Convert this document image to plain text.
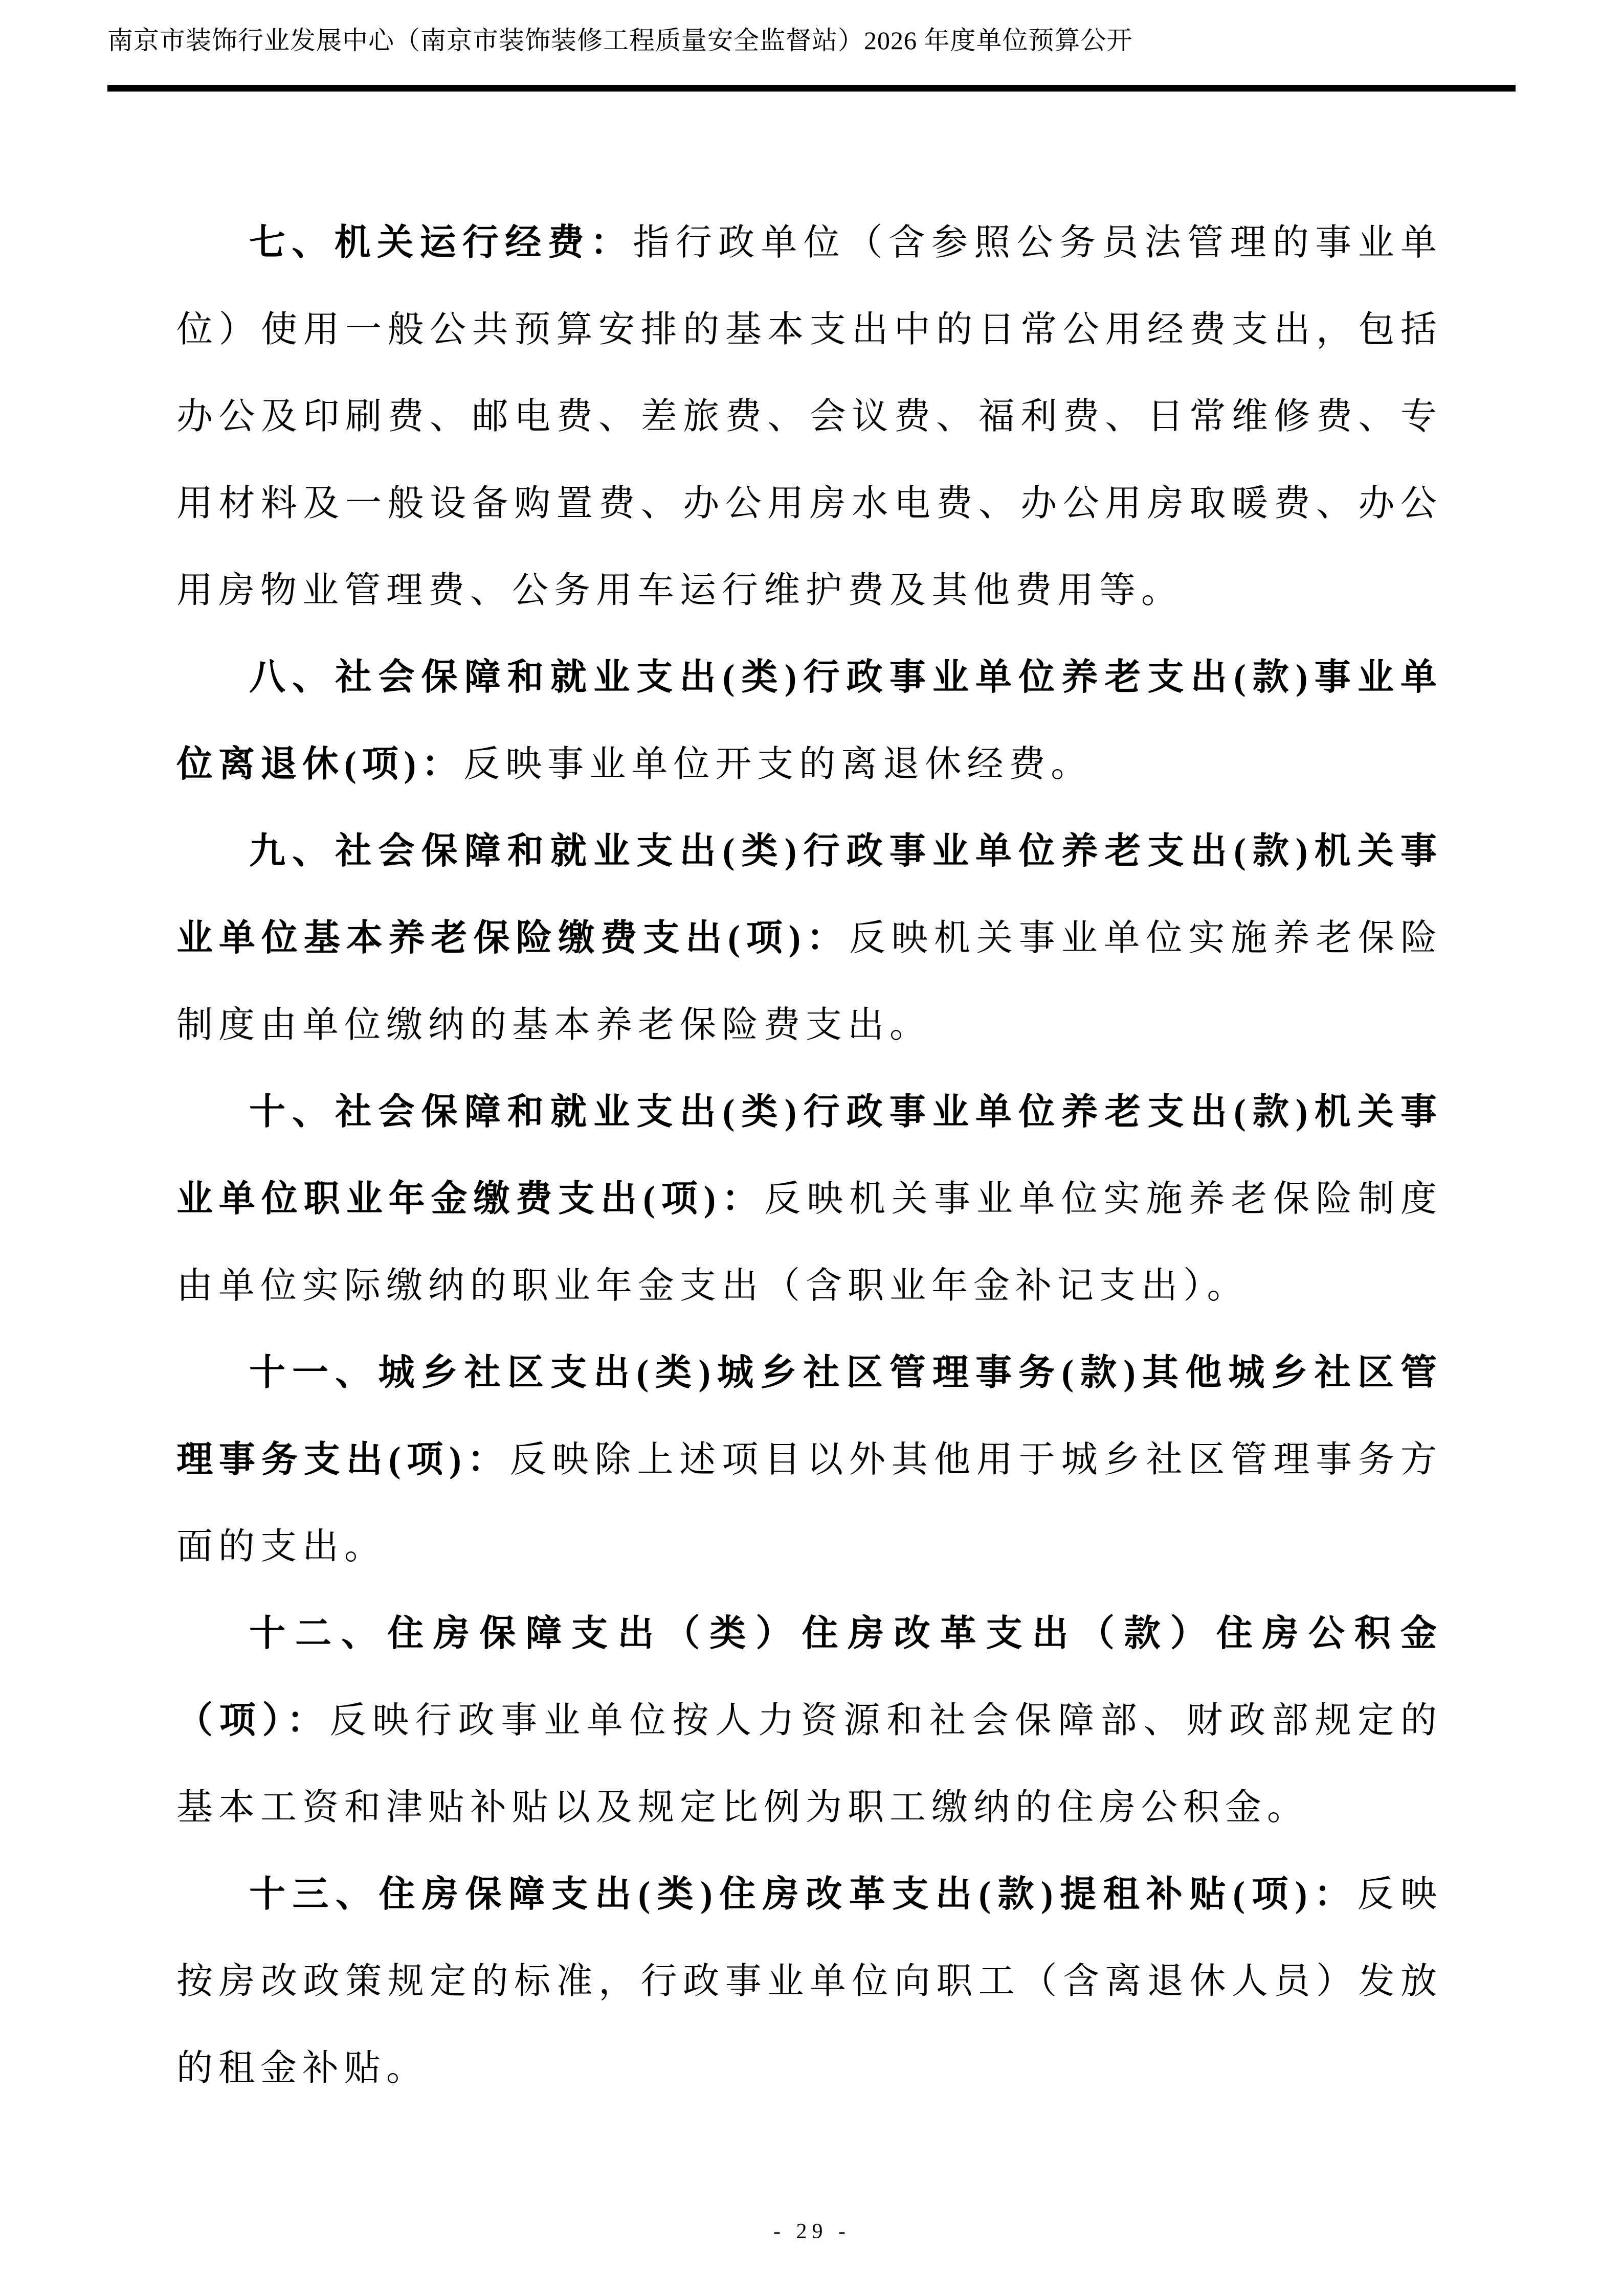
南京市装饰行业发展中心（南京市装饰装修工程质量安全监督站）2026 年度单位预算公开

七、机关运行经费：指行政单位（含参照公务员法管理的事业单位）使用一般公共预算安排的基本支出中的日常公用经费支出，包括办公及印刷费、邮电费、差旅费、会议费、福利费、日常维修费、专用材料及一般设备购置费、办公用房水电费、办公用房取暖费、办公用房物业管理费、公务用车运行维护费及其他费用等。

八、社会保障和就业支出(类)行政事业单位养老支出(款)事业单位离退休(项)：反映事业单位开支的离退休经费。

九、社会保障和就业支出(类)行政事业单位养老支出(款)机关事业单位基本养老保险缴费支出(项)：反映机关事业单位实施养老保险制度由单位缴纳的基本养老保险费支出。

十、社会保障和就业支出(类)行政事业单位养老支出(款)机关事业单位职业年金缴费支出(项)：反映机关事业单位实施养老保险制度由单位实际缴纳的职业年金支出（含职业年金补记支出）。

十一、城乡社区支出(类)城乡社区管理事务(款)其他城乡社区管理事务支出(项)：反映除上述项目以外其他用于城乡社区管理事务方面的支出。

十二、住房保障支出（类）住房改革支出（款）住房公积金（项）：反映行政事业单位按人力资源和社会保障部、财政部规定的基本工资和津贴补贴以及规定比例为职工缴纳的住房公积金。

十三、住房保障支出(类)住房改革支出(款)提租补贴(项)：反映按房改政策规定的标准，行政事业单位向职工（含离退休人员）发放的租金补贴。

- 29 -
